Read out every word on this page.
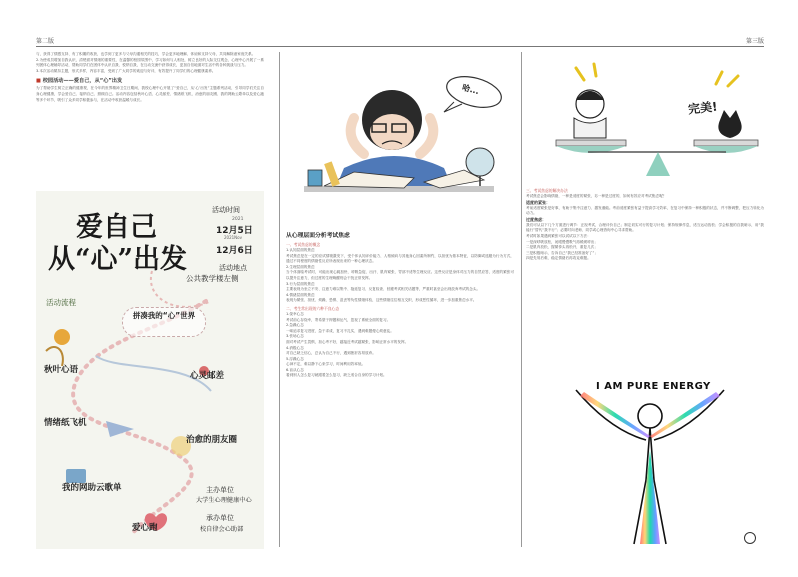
第二版	第三版
与，获得了情感支持、有了积累的收获，也学到了更多与父母沟通相关的技巧，学会更多地理解、体谅和支持父母，共同解除诸家庭关系。
2.为使成员增加自我认识，清楚面对情绪的重要性，在温馨的校园氛围中，学习如何与人相处，树立良好的人际交往观念，心理中心开展了一系列团体心理辅导活动，帮助同学们在团体中认识自我、悦纳自我，在互动交流中获得成长，更加自信地面对生活中的各种挑战与压力。
3.本次活动紧扣主题，形式多样，内容丰富，受到了广大同学的欢迎与好评，有效提升了同学们的心理健康素养。
■ 校园活动——爱自己，从“心”出发
为了帮助学生树立正确的健康观，在今年的世界精神卫生日期间，我校心理中心开展了“爱自己，从‘心’出发”主题系列活动，引导同学们关注自身心理健康，学会爱自己、接纳自己、照顾自己。活动内容包括秋叶心语、心灵邮差、情绪纸飞机、治愈的朋友圈、我的网助云歌单以及爱心跑等多个环节，吸引了众多同学积极参与，在活动中收获温暖与成长。
爱自己
从“心”出发
活动时间
2021
12月5日
2021Nov
12月6日
活动地点
公共教学楼左侧
活动流程
拼凑我的“心”世界
秋叶心语
心灵邮差
情绪纸飞机
治愈的朋友圈
我的网助云歌单
爱心跑
主办单位
大学生心理健康中心
承办单位
校自律会心助部
哈...
从心理层面分析考试焦虑
一、考试焦虑的概念
1.认知层面的焦虑
考试焦虑是在一定的应试情境激发下，受个体认知评价能力、人格倾向与其他身心因素所制约，以担忧为基本特征，以防御或逃避为行为方式，通过不同程度的情绪性反应所表现出来的一种心理状态。
2.生理层面的焦虑
当个体面临考试时，可能出现心跳加快、呼吸急促、出汗、肌肉紧张、胃部不适等生理反应。这些反应是身体对压力的自然应答，适度的紧张可以提升注意力，但过度的生理唤醒则会干扰正常发挥。
3.行为层面的焦虑
主要表现为坐立不安、注意力难以集中、拖延复习、反复检查、回避考试相关话题等，严重时甚至会出现放弃考试的念头。
4.情绪层面的焦虑
表现为紧张、担忧、烦躁、恐惧、沮丧等负性情绪体验，这些情绪往往相互交织，形成恶性循环，进一步加重焦虑水平。
二、考生常出现的六种不良心态
1.侥幸心态
考试前心存侥幸，寄希望于押题和运气，忽视了系统全面的复习。
2.急躁心态
一味追求复习进度，急于求成，复习不扎实，遇到难题便心烦意乱。
3.怯场心态
面对考试产生畏惧，担心考不好，越接近考试越紧张，影响正常水平的发挥。
4.消极心态
对自己缺乏信心，总认为自己不行，遇到挫折容易放弃。
5.浮躁心态
心神不定，难以静下心来学习，时间利用效率低。
6.盲从心态
看到别人怎么复习就跟着怎么复习，缺乏适合自身的学习计划。
完美!
三、考试焦虑的解决办法
考试焦虑会影响情绪，一种是适度的紧张，另一种是过度的，如何有效应对考试焦虑呢？
适度的紧张：
考前适度紧张是好事，有助于集中注意力、激发潜能。考前适度紧张有益于提高学习效率，在复习中保持一种积极的状态，并不断调整，把压力转化为动力。
过度焦虑：
我们可从以下几个方面进行调节：正视考试，合理评价自己；制定切实可行的复习计划；保持规律作息，适当运动放松；学会积极的自我暗示，用“我能行”替代“我不行”；必要时向老师、同学或心理咨询中心寻求帮助。
考试时如果遇到紧张可以试试以下方法：
一是深呼吸放松，闭眼慢慢吸气再缓缓呼出；
二是肌肉放松，握紧拳头再松开，重复几次；
三是积极暗示，告诉自己“我已经准备好了”；
四是先易后难，稳定情绪后再攻克难题。
I AM PURE ENERGY
